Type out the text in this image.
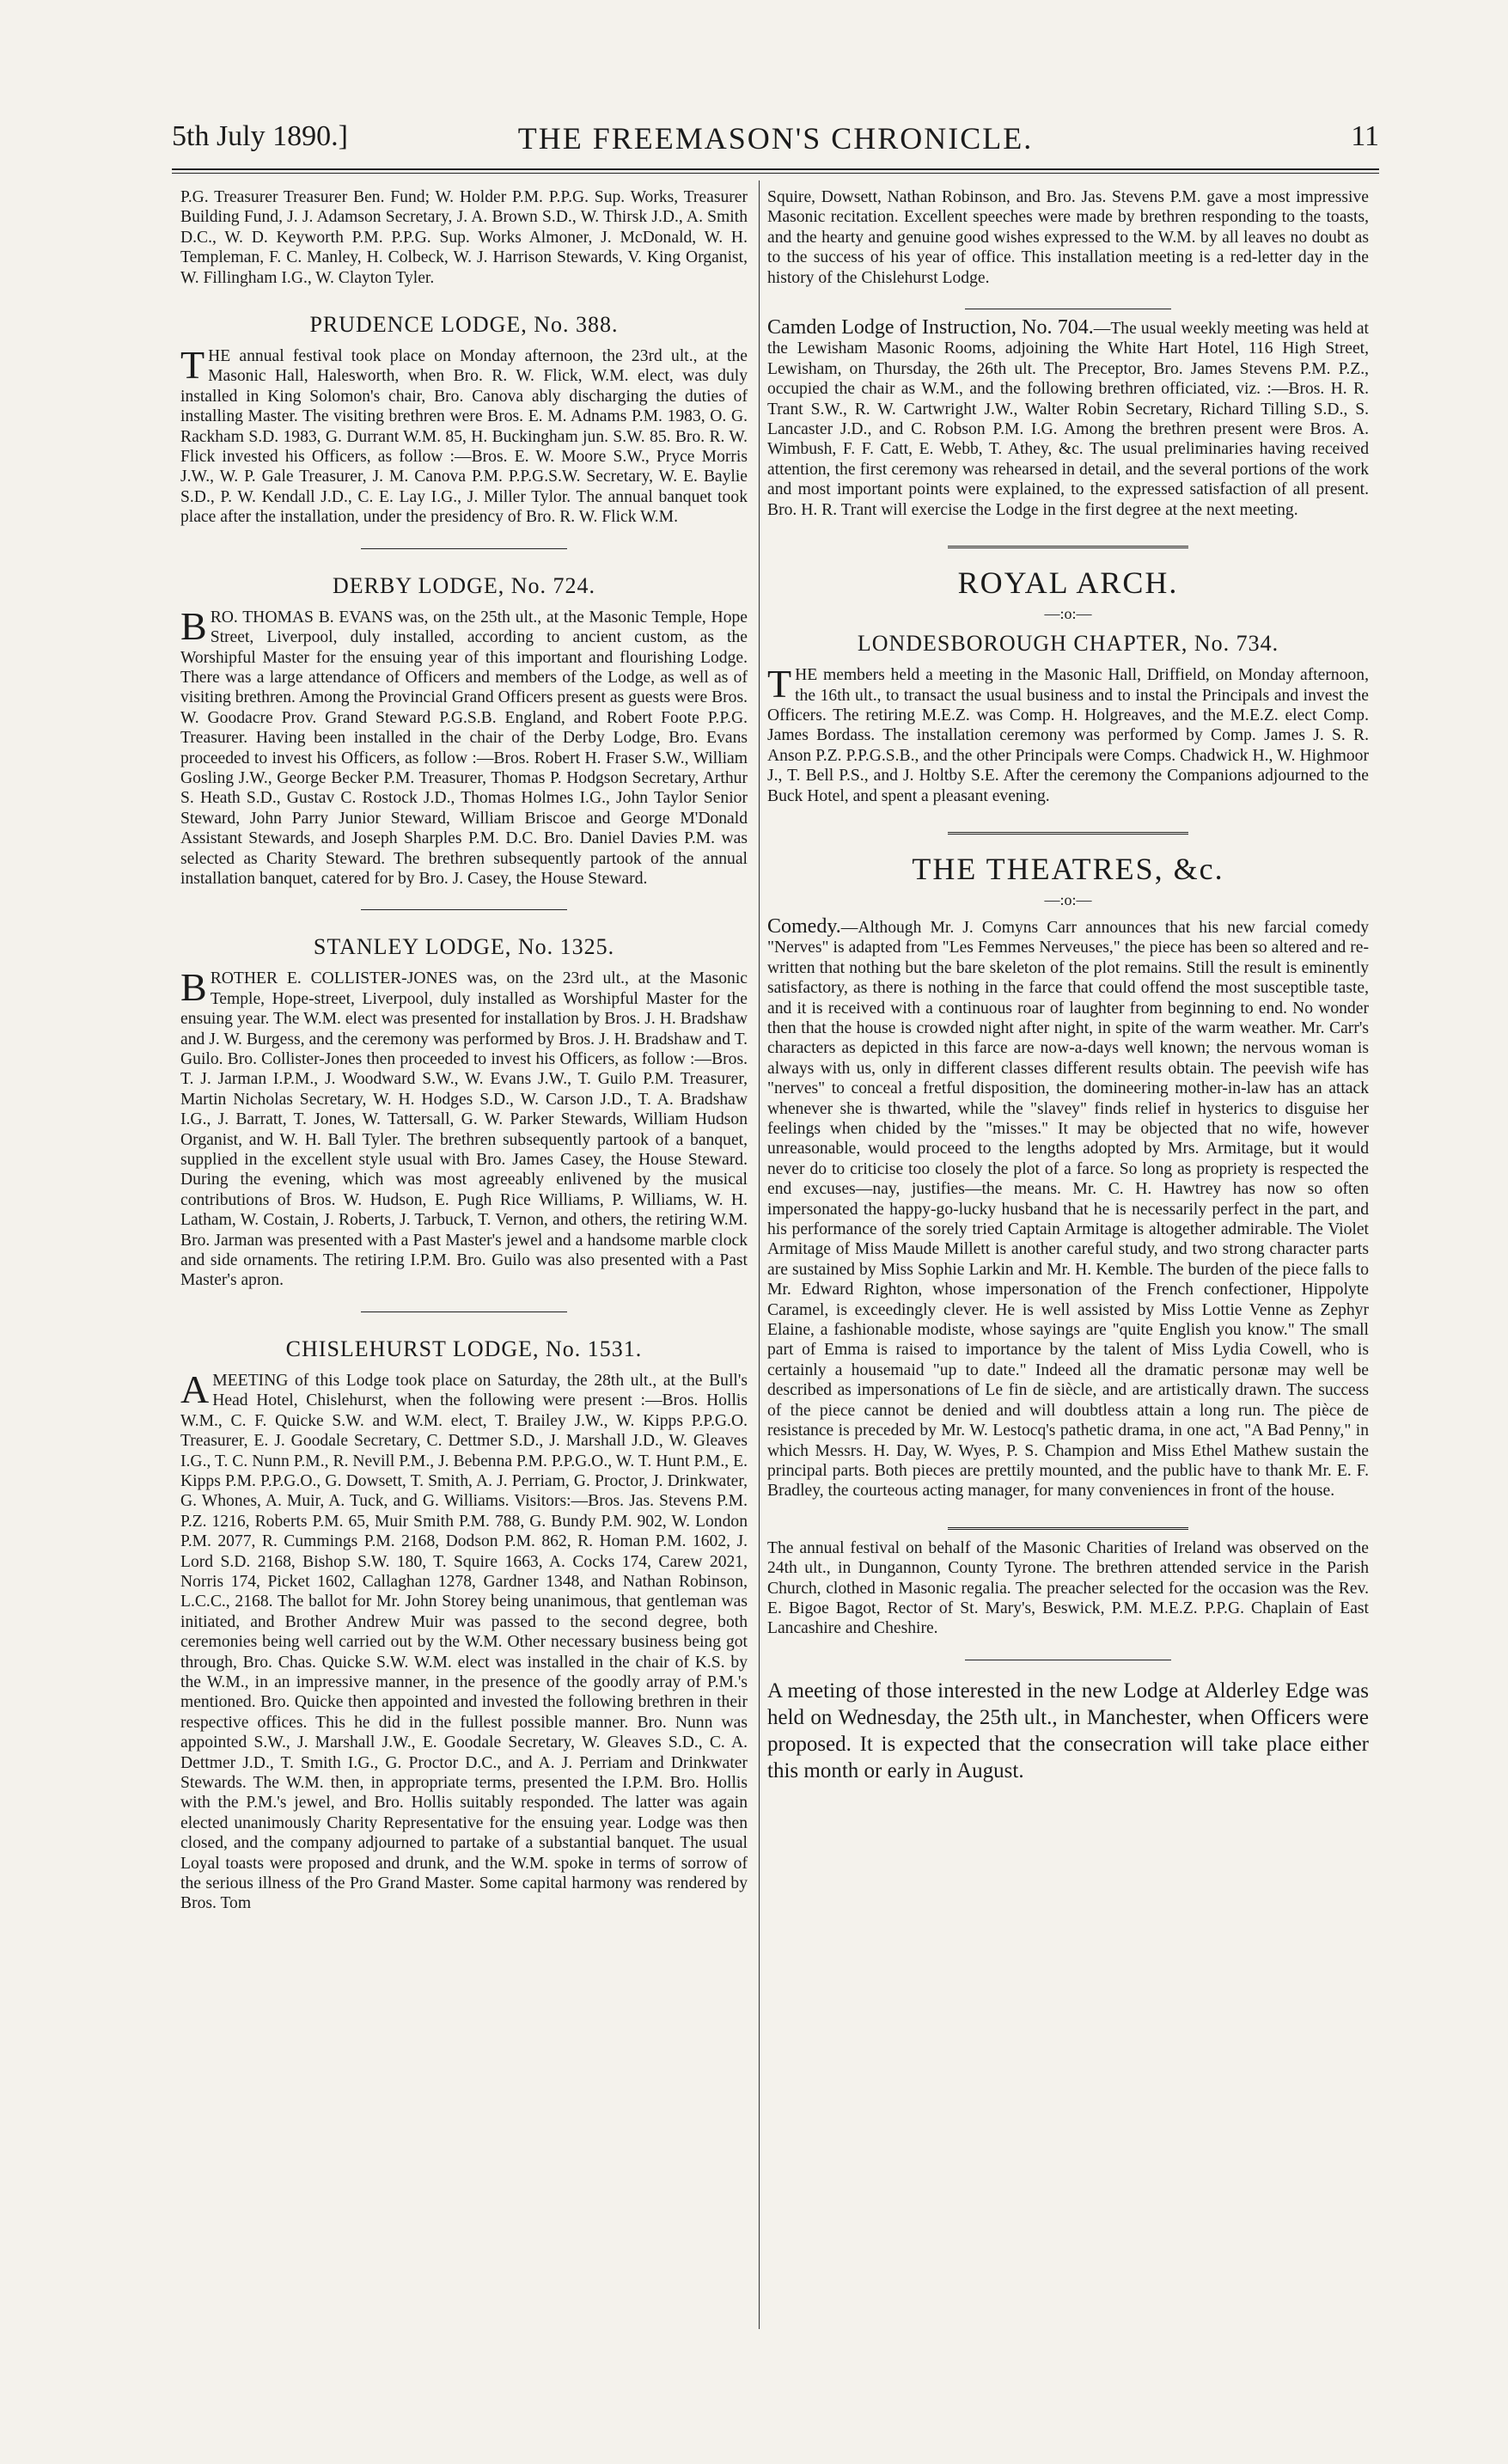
5th July 1890.]	THE FREEMASON'S CHRONICLE.	11

P.G. Treasurer Treasurer Ben. Fund; W. Holder P.M. P.P.G. Sup. Works, Treasurer Building Fund, J. J. Adamson Secretary, J. A. Brown S.D., W. Thirsk J.D., A. Smith D.C., W. D. Keyworth P.M. P.P.G. Sup. Works Almoner, J. McDonald, W. H. Templeman, F. C. Manley, H. Colbeck, W. J. Harrison Stewards, V. King Organist, W. Fillingham I.G., W. Clayton Tyler.

PRUDENCE LODGE, No. 388.

THE annual festival took place on Monday afternoon, the 23rd ult., at the Masonic Hall, Halesworth, when Bro. R. W. Flick, W.M. elect, was duly installed in King Solomon's chair, Bro. Canova ably discharging the duties of installing Master. The visiting brethren were Bros. E. M. Adnams P.M. 1983, O. G. Rackham S.D. 1983, G. Durrant W.M. 85, H. Buckingham jun. S.W. 85. Bro. R. W. Flick invested his Officers, as follow :—Bros. E. W. Moore S.W., Pryce Morris J.W., W. P. Gale Treasurer, J. M. Canova P.M. P.P.G.S.W. Secretary, W. E. Baylie S.D., P. W. Kendall J.D., C. E. Lay I.G., J. Miller Tylor. The annual banquet took place after the installation, under the presidency of Bro. R. W. Flick W.M.

DERBY LODGE, No. 724.

BRO. THOMAS B. EVANS was, on the 25th ult., at the Masonic Temple, Hope Street, Liverpool, duly installed, according to ancient custom, as the Worshipful Master for the ensuing year of this important and flourishing Lodge. There was a large attendance of Officers and members of the Lodge, as well as of visiting brethren. Among the Provincial Grand Officers present as guests were Bros. W. Goodacre Prov. Grand Steward P.G.S.B. England, and Robert Foote P.P.G. Treasurer. Having been installed in the chair of the Derby Lodge, Bro. Evans proceeded to invest his Officers, as follow :—Bros. Robert H. Fraser S.W., William Gosling J.W., George Becker P.M. Treasurer, Thomas P. Hodgson Secretary, Arthur S. Heath S.D., Gustav C. Rostock J.D., Thomas Holmes I.G., John Taylor Senior Steward, John Parry Junior Steward, William Briscoe and George M'Donald Assistant Stewards, and Joseph Sharples P.M. D.C. Bro. Daniel Davies P.M. was selected as Charity Steward. The brethren subsequently partook of the annual installation banquet, catered for by Bro. J. Casey, the House Steward.

STANLEY LODGE, No. 1325.

BROTHER E. COLLISTER-JONES was, on the 23rd ult., at the Masonic Temple, Hope-street, Liverpool, duly installed as Worshipful Master for the ensuing year. The W.M. elect was presented for installation by Bros. J. H. Bradshaw and J. W. Burgess, and the ceremony was performed by Bros. J. H. Bradshaw and T. Guilo. Bro. Collister-Jones then proceeded to invest his Officers, as follow :—Bros. T. J. Jarman I.P.M., J. Woodward S.W., W. Evans J.W., T. Guilo P.M. Treasurer, Martin Nicholas Secretary, W. H. Hodges S.D., W. Carson J.D., T. A. Bradshaw I.G., J. Barratt, T. Jones, W. Tattersall, G. W. Parker Stewards, William Hudson Organist, and W. H. Ball Tyler. The brethren subsequently partook of a banquet, supplied in the excellent style usual with Bro. James Casey, the House Steward. During the evening, which was most agreeably enlivened by the musical contributions of Bros. W. Hudson, E. Pugh Rice Williams, P. Williams, W. H. Latham, W. Costain, J. Roberts, J. Tarbuck, T. Vernon, and others, the retiring W.M. Bro. Jarman was presented with a Past Master's jewel and a handsome marble clock and side ornaments. The retiring I.P.M. Bro. Guilo was also presented with a Past Master's apron.

CHISLEHURST LODGE, No. 1531.

AMEETING of this Lodge took place on Saturday, the 28th ult., at the Bull's Head Hotel, Chislehurst, when the following were present :—Bros. Hollis W.M., C. F. Quicke S.W. and W.M. elect, T. Brailey J.W., W. Kipps P.P.G.O. Treasurer, E. J. Goodale Secretary, C. Dettmer S.D., J. Marshall J.D., W. Gleaves I.G., T. C. Nunn P.M., R. Nevill P.M., J. Bebenna P.M. P.P.G.O., W. T. Hunt P.M., E. Kipps P.M. P.P.G.O., G. Dowsett, T. Smith, A. J. Perriam, G. Proctor, J. Drinkwater, G. Whones, A. Muir, A. Tuck, and G. Williams. Visitors:—Bros. Jas. Stevens P.M. P.Z. 1216, Roberts P.M. 65, Muir Smith P.M. 788, G. Bundy P.M. 902, W. London P.M. 2077, R. Cummings P.M. 2168, Dodson P.M. 862, R. Homan P.M. 1602, J. Lord S.D. 2168, Bishop S.W. 180, T. Squire 1663, A. Cocks 174, Carew 2021, Norris 174, Picket 1602, Callaghan 1278, Gardner 1348, and Nathan Robinson, L.C.C., 2168. The ballot for Mr. John Storey being unanimous, that gentleman was initiated, and Brother Andrew Muir was passed to the second degree, both ceremonies being well carried out by the W.M. Other necessary business being got through, Bro. Chas. Quicke S.W. W.M. elect was installed in the chair of K.S. by the W.M., in an impressive manner, in the presence of the goodly array of P.M.'s mentioned. Bro. Quicke then appointed and invested the following brethren in their respective offices. This he did in the fullest possible manner. Bro. Nunn was appointed S.W., J. Marshall J.W., E. Goodale Secretary, W. Gleaves S.D., C. A. Dettmer J.D., T. Smith I.G., G. Proctor D.C., and A. J. Perriam and Drinkwater Stewards. The W.M. then, in appropriate terms, presented the I.P.M. Bro. Hollis with the P.M.'s jewel, and Bro. Hollis suitably responded. The latter was again elected unanimously Charity Representative for the ensuing year. Lodge was then closed, and the company adjourned to partake of a substantial banquet. The usual Loyal toasts were proposed and drunk, and the W.M. spoke in terms of sorrow of the serious illness of the Pro Grand Master. Some capital harmony was rendered by Bros. Tom

Squire, Dowsett, Nathan Robinson, and Bro. Jas. Stevens P.M. gave a most impressive Masonic recitation. Excellent speeches were made by brethren responding to the toasts, and the hearty and genuine good wishes expressed to the W.M. by all leaves no doubt as to the success of his year of office. This installation meeting is a red-letter day in the history of the Chislehurst Lodge.

Camden Lodge of Instruction, No. 704.—The usual weekly meeting was held at the Lewisham Masonic Rooms, adjoining the White Hart Hotel, 116 High Street, Lewisham, on Thursday, the 26th ult. The Preceptor, Bro. James Stevens P.M. P.Z., occupied the chair as W.M., and the following brethren officiated, viz. :—Bros. H. R. Trant S.W., R. W. Cartwright J.W., Walter Robin Secretary, Richard Tilling S.D., S. Lancaster J.D., and C. Robson P.M. I.G. Among the brethren present were Bros. A. Wimbush, F. F. Catt, E. Webb, T. Athey, &c. The usual preliminaries having received attention, the first ceremony was rehearsed in detail, and the several portions of the work and most important points were explained, to the expressed satisfaction of all present. Bro. H. R. Trant will exercise the Lodge in the first degree at the next meeting.

ROYAL ARCH.
—:o:—
LONDESBOROUGH CHAPTER, No. 734.

THE members held a meeting in the Masonic Hall, Driffield, on Monday afternoon, the 16th ult., to transact the usual business and to instal the Principals and invest the Officers. The retiring M.E.Z. was Comp. H. Holgreaves, and the M.E.Z. elect Comp. James Bordass. The installation ceremony was performed by Comp. James J. S. R. Anson P.Z. P.P.G.S.B., and the other Principals were Comps. Chadwick H., W. Highmoor J., T. Bell P.S., and J. Holtby S.E. After the ceremony the Companions adjourned to the Buck Hotel, and spent a pleasant evening.

THE THEATRES, &c.
—:o:—

Comedy.—Although Mr. J. Comyns Carr announces that his new farcial comedy "Nerves" is adapted from "Les Femmes Nerveuses," the piece has been so altered and re-written that nothing but the bare skeleton of the plot remains. Still the result is eminently satisfactory, as there is nothing in the farce that could offend the most susceptible taste, and it is received with a continuous roar of laughter from beginning to end. No wonder then that the house is crowded night after night, in spite of the warm weather. Mr. Carr's characters as depicted in this farce are now-a-days well known; the nervous woman is always with us, only in different classes different results obtain. The peevish wife has "nerves" to conceal a fretful disposition, the domineering mother-in-law has an attack whenever she is thwarted, while the "slavey" finds relief in hysterics to disguise her feelings when chided by the "misses." It may be objected that no wife, however unreasonable, would proceed to the lengths adopted by Mrs. Armitage, but it would never do to criticise too closely the plot of a farce. So long as propriety is respected the end excuses—nay, justifies—the means. Mr. C. H. Hawtrey has now so often impersonated the happy-go-lucky husband that he is necessarily perfect in the part, and his performance of the sorely tried Captain Armitage is altogether admirable. The Violet Armitage of Miss Maude Millett is another careful study, and two strong character parts are sustained by Miss Sophie Larkin and Mr. H. Kemble. The burden of the piece falls to Mr. Edward Righton, whose impersonation of the French confectioner, Hippolyte Caramel, is exceedingly clever. He is well assisted by Miss Lottie Venne as Zephyr Elaine, a fashionable modiste, whose sayings are "quite English you know." The small part of Emma is raised to importance by the talent of Miss Lydia Cowell, who is certainly a housemaid "up to date." Indeed all the dramatic personæ may well be described as impersonations of Le fin de siècle, and are artistically drawn. The success of the piece cannot be denied and will doubtless attain a long run. The pièce de resistance is preceded by Mr. W. Lestocq's pathetic drama, in one act, "A Bad Penny," in which Messrs. H. Day, W. Wyes, P. S. Champion and Miss Ethel Mathew sustain the principal parts. Both pieces are prettily mounted, and the public have to thank Mr. E. F. Bradley, the courteous acting manager, for many conveniences in front of the house.

The annual festival on behalf of the Masonic Charities of Ireland was observed on the 24th ult., in Dungannon, County Tyrone. The brethren attended service in the Parish Church, clothed in Masonic regalia. The preacher selected for the occasion was the Rev. E. Bigoe Bagot, Rector of St. Mary's, Beswick, P.M. M.E.Z. P.P.G. Chaplain of East Lancashire and Cheshire.

A meeting of those interested in the new Lodge at Alderley Edge was held on Wednesday, the 25th ult., in Manchester, when Officers were proposed. It is expected that the consecration will take place either this month or early in August.
